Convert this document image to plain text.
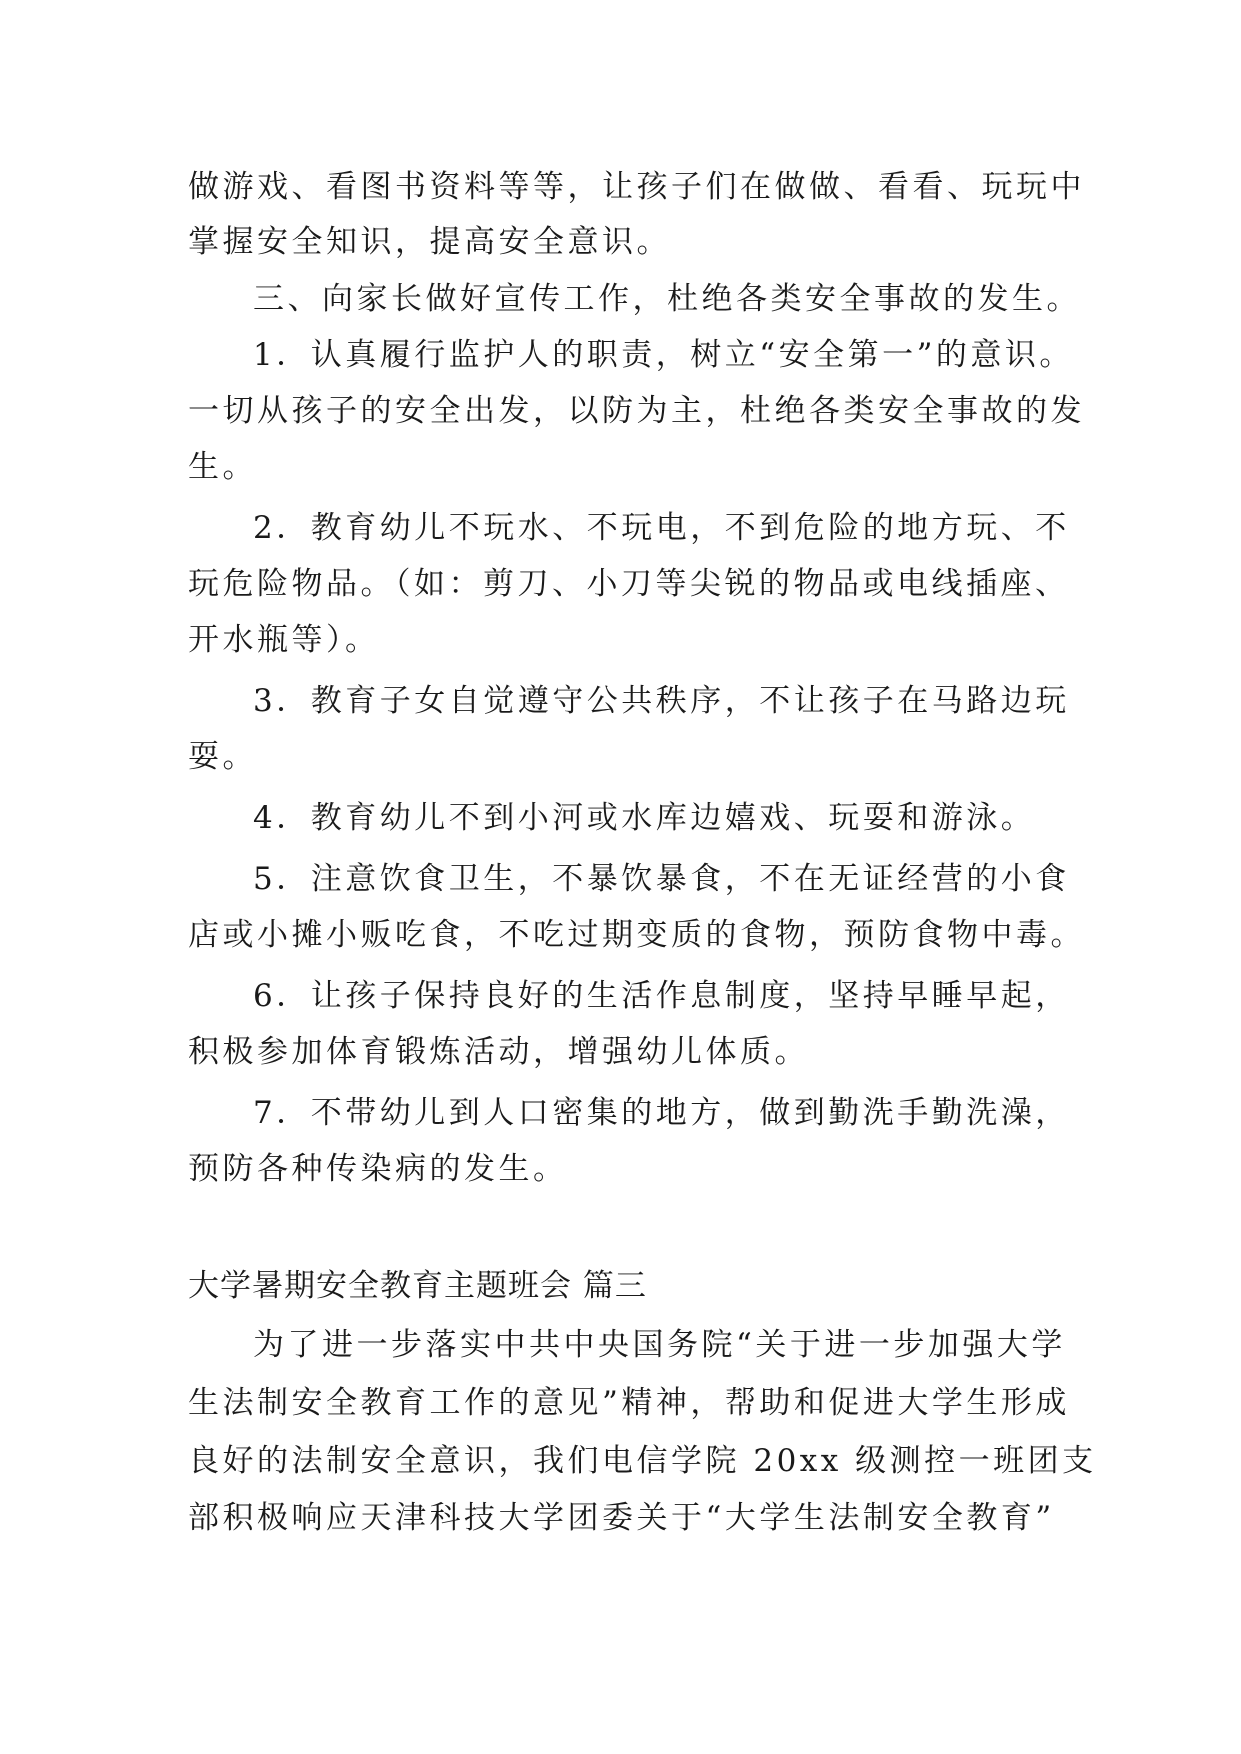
做游戏、看图书资料等等，让孩子们在做做、看看、玩玩中
掌握安全知识，提高安全意识。
三、向家长做好宣传工作，杜绝各类安全事故的发生。
1．认真履行监护人的职责，树立“安全第一”的意识。
一切从孩子的安全出发，以防为主，杜绝各类安全事故的发
生。
2．教育幼儿不玩水、不玩电，不到危险的地方玩、不
玩危险物品。（如：剪刀、小刀等尖锐的物品或电线插座、
开水瓶等）。
3．教育子女自觉遵守公共秩序，不让孩子在马路边玩
耍。
4．教育幼儿不到小河或水库边嬉戏、玩耍和游泳。
5．注意饮食卫生，不暴饮暴食，不在无证经营的小食
店或小摊小贩吃食，不吃过期变质的食物，预防食物中毒。
6．让孩子保持良好的生活作息制度，坚持早睡早起，
积极参加体育锻炼活动，增强幼儿体质。
7．不带幼儿到人口密集的地方，做到勤洗手勤洗澡，
预防各种传染病的发生。
大学暑期安全教育主题班会 篇三
为了进一步落实中共中央国务院“关于进一步加强大学
生法制安全教育工作的意见”精神，帮助和促进大学生形成
良好的法制安全意识，我们电信学院 20xx 级测控一班团支
部积极响应天津科技大学团委关于“大学生法制安全教育”
